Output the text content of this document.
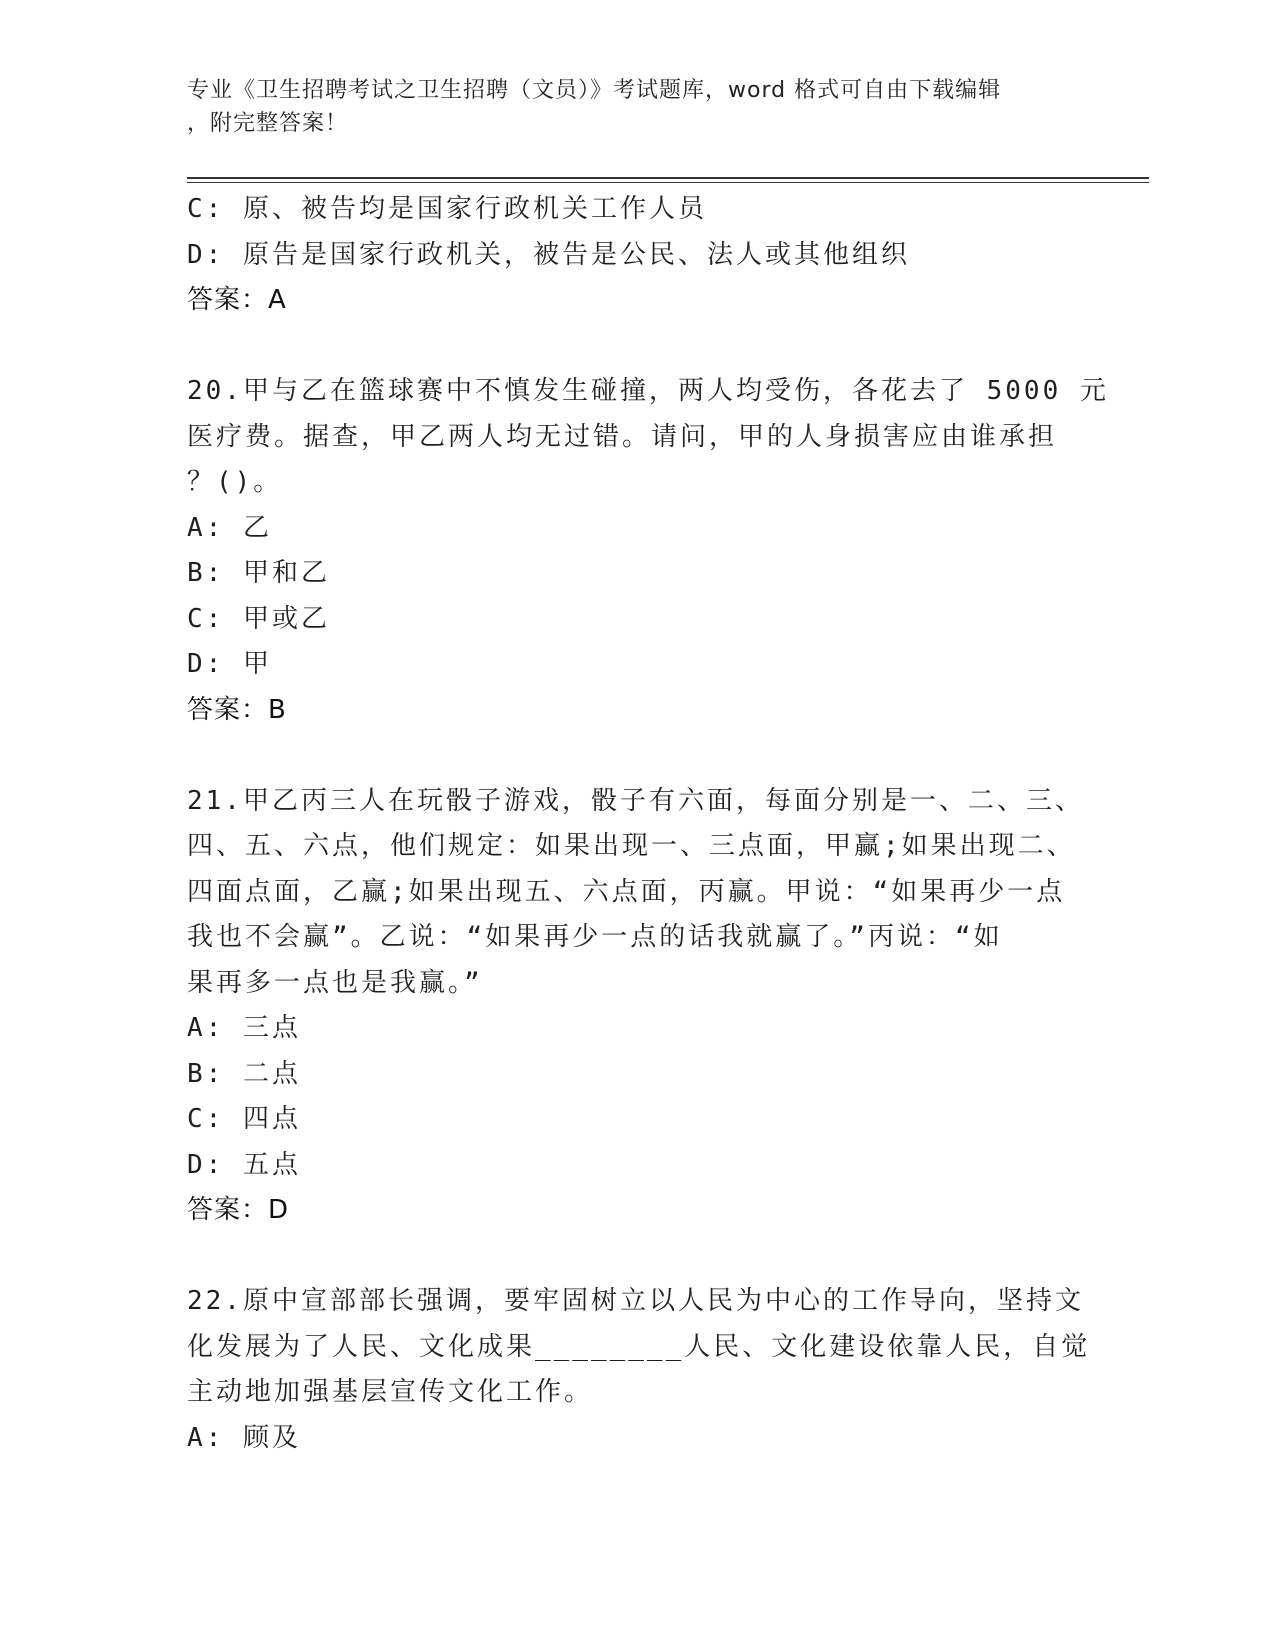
专业《卫生招聘考试之卫生招聘（文员）》考试题库，word 格式可自由下载编辑
，附完整答案！
C: 原、被告均是国家行政机关工作人员
D: 原告是国家行政机关，被告是公民、法人或其他组织
答案：A
20.甲与乙在篮球赛中不慎发生碰撞，两人均受伤，各花去了 5000 元
医疗费。据查，甲乙两人均无过错。请问，甲的人身损害应由谁承担
？()。
A: 乙
B: 甲和乙
C: 甲或乙
D: 甲
答案：B
21.甲乙丙三人在玩骰子游戏，骰子有六面，每面分别是一、二、三、
四、五、六点，他们规定：如果出现一、三点面，甲赢;如果出现二、
四面点面，乙赢;如果出现五、六点面，丙赢。甲说：“如果再少一点
我也不会赢”。乙说：“如果再少一点的话我就赢了。”丙说：“如
果再多一点也是我赢。”
A: 三点
B: 二点
C: 四点
D: 五点
答案：D
22.原中宣部部长强调，要牢固树立以人民为中心的工作导向，坚持文
化发展为了人民、文化成果________人民、文化建设依靠人民，自觉
主动地加强基层宣传文化工作。
A: 顾及
